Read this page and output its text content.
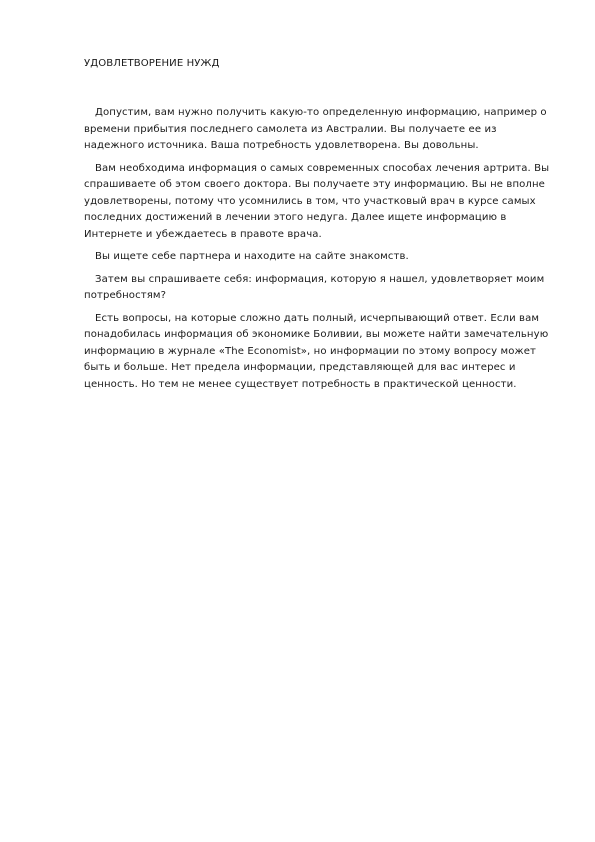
УДОВЛЕТВОРЕНИЕ НУЖД

Допустим, вам нужно получить какую-то определенную информацию, например о времени прибытия последнего самолета из Австралии. Вы получаете ее из надежного источника. Ваша потребность удовлетворена. Вы довольны.

Вам необходима информация о самых современных способах лечения артрита. Вы спрашиваете об этом своего доктора. Вы получаете эту информацию. Вы не вполне удовлетворены, потому что усомнились в том, что участковый врач в курсе самых последних достижений в лечении этого недуга. Далее ищете информацию в Интернете и убеждаетесь в правоте врача.

Вы ищете себе партнера и находите на сайте знакомств.

Затем вы спрашиваете себя: информация, которую я нашел, удовлетворяет моим потребностям?

Есть вопросы, на которые сложно дать полный, исчерпывающий ответ. Если вам понадобилась информация об экономике Боливии, вы можете найти замечательную информацию в журнале «The Economist», но информации по этому вопросу может быть и больше. Нет предела информации, представляющей для вас интерес и ценность. Но тем не менее существует потребность в практической ценности.
